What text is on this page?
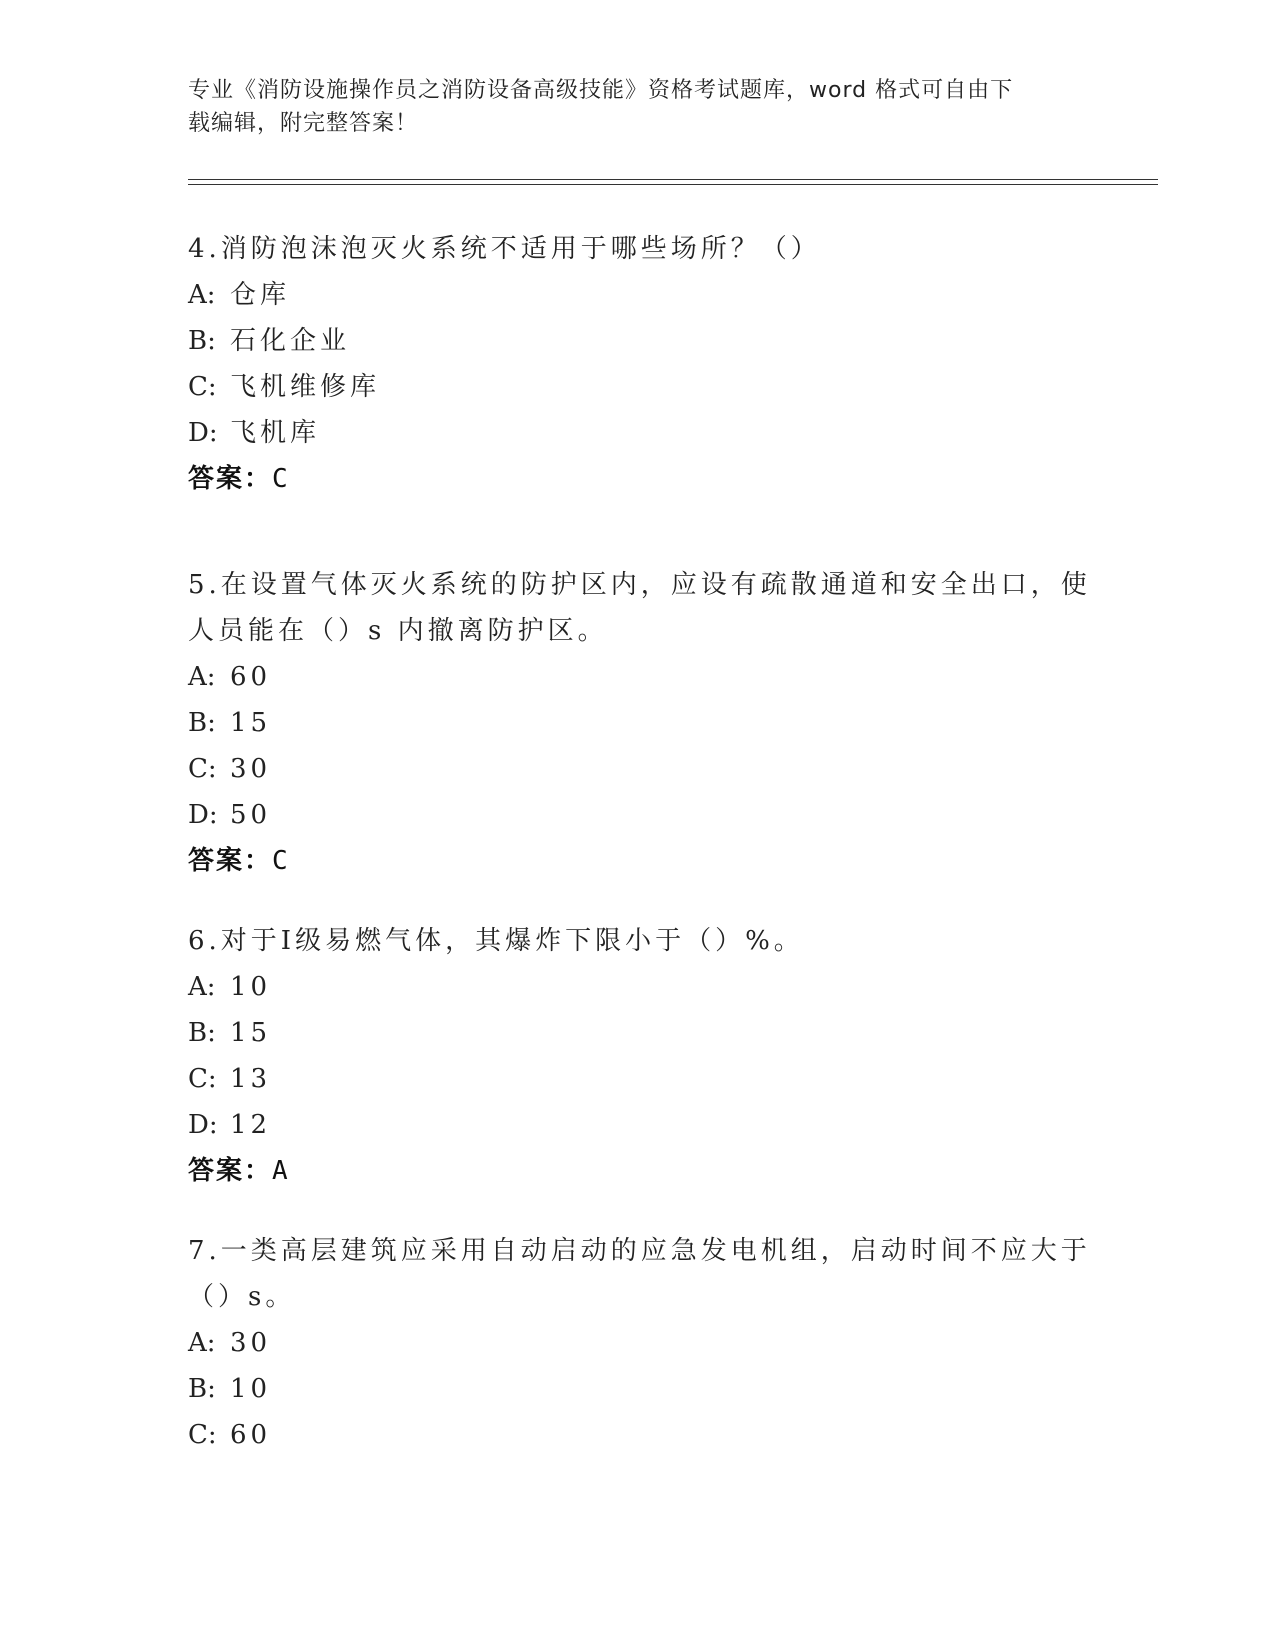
专业《消防设施操作员之消防设备高级技能》资格考试题库，word 格式可自由下
载编辑，附完整答案！
4.消防泡沫泡灭火系统不适用于哪些场所？（）
A: 仓库
B: 石化企业
C: 飞机维修库
D: 飞机库
答案：C
5.在设置气体灭火系统的防护区内，应设有疏散通道和安全出口，使
人员能在（）s 内撤离防护区。
A: 60
B: 15
C: 30
D: 50
答案：C
6.对于Ⅰ级易燃气体，其爆炸下限小于（）%。
A: 10
B: 15
C: 13
D: 12
答案：A
7.一类高层建筑应采用自动启动的应急发电机组，启动时间不应大于
（）s。
A: 30
B: 10
C: 60
